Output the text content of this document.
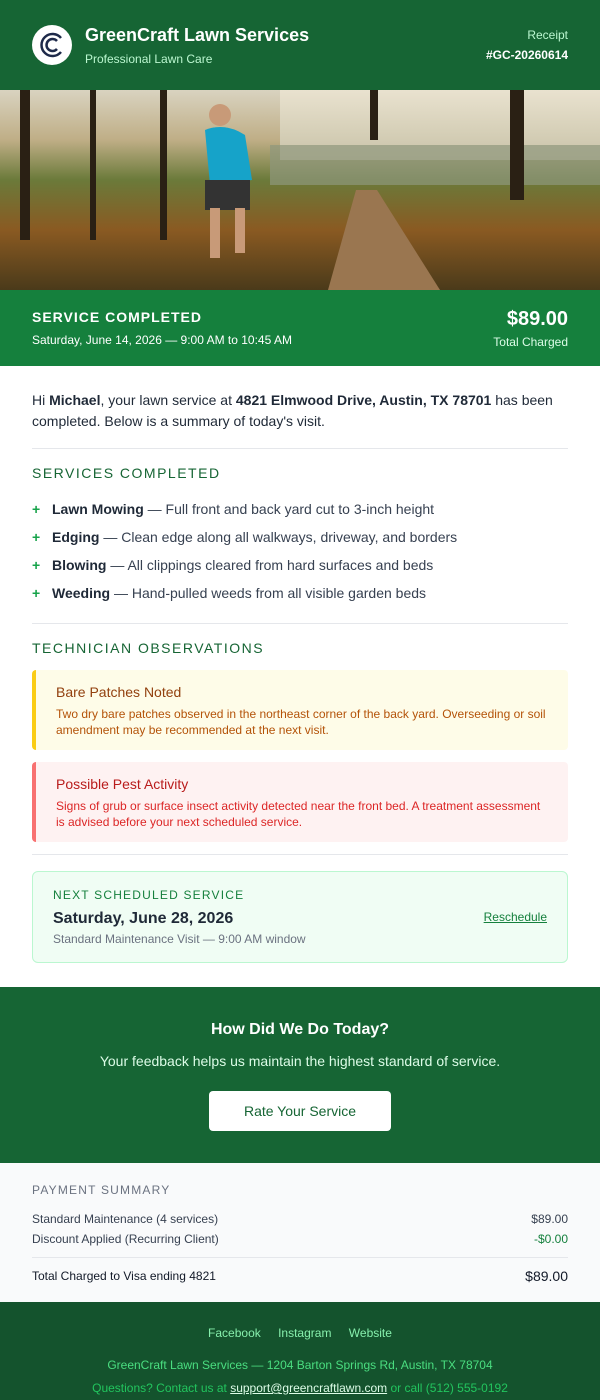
GreenCraft Lawn Services
Professional Lawn Care
Receipt
#GC-20260614
SERVICE COMPLETED
Saturday, June 14, 2026 — 9:00 AM to 10:45 AM
$89.00
Total Charged

Hi Michael, your lawn service at 4821 Elmwood Drive, Austin, TX 78701 has been completed. Below is a summary of today's visit.

SERVICES COMPLETED
+ Lawn Mowing — Full front and back yard cut to 3-inch height
+ Edging — Clean edge along all walkways, driveway, and borders
+ Blowing — All clippings cleared from hard surfaces and beds
+ Weeding — Hand-pulled weeds from all visible garden beds
TECHNICIAN OBSERVATIONS
Bare Patches Noted
Two dry bare patches observed in the northeast corner of the back yard. Overseeding or soil amendment may be recommended at the next visit.
Possible Pest Activity
Signs of grub or surface insect activity detected near the front bed. A treatment assessment is advised before your next scheduled service.
NEXT SCHEDULED SERVICE
Saturday, June 28, 2026
Standard Maintenance Visit — 9:00 AM window
Reschedule
How Did We Do Today?
Your feedback helps us maintain the highest standard of service.
Rate Your Service
PAYMENT SUMMARY
Standard Maintenance (4 services)	$89.00
Discount Applied (Recurring Client)	-$0.00
Total Charged to Visa ending 4821	$89.00
Facebook Instagram Website
GreenCraft Lawn Services — 1204 Barton Springs Rd, Austin, TX 78704
Questions? Contact us at support@greencraftlawn.com or call (512) 555-0192
